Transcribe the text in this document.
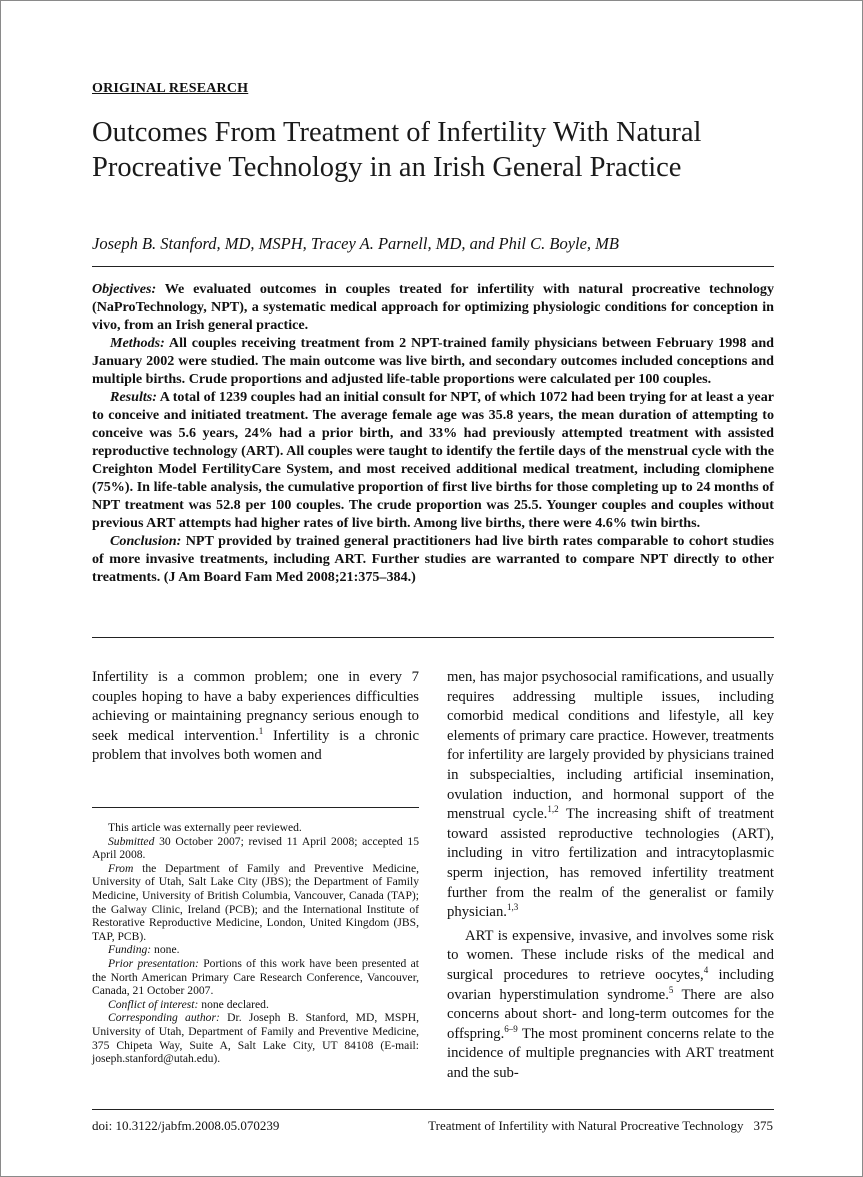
ORIGINAL RESEARCH
Outcomes From Treatment of Infertility With Natural Procreative Technology in an Irish General Practice
Joseph B. Stanford, MD, MSPH, Tracey A. Parnell, MD, and Phil C. Boyle, MB

Objectives: We evaluated outcomes in couples treated for infertility with natural procreative technology (NaProTechnology, NPT), a systematic medical approach for optimizing physiologic conditions for conception in vivo, from an Irish general practice.

Methods: All couples receiving treatment from 2 NPT-trained family physicians between February 1998 and January 2002 were studied. The main outcome was live birth, and secondary outcomes included conceptions and multiple births. Crude proportions and adjusted life-table proportions were calculated per 100 couples.

Results: A total of 1239 couples had an initial consult for NPT, of which 1072 had been trying for at least a year to conceive and initiated treatment. The average female age was 35.8 years, the mean duration of attempting to conceive was 5.6 years, 24% had a prior birth, and 33% had previously attempted treatment with assisted reproductive technology (ART). All couples were taught to identify the fertile days of the menstrual cycle with the Creighton Model FertilityCare System, and most received additional medical treatment, including clomiphene (75%). In life-table analysis, the cumulative proportion of first live births for those completing up to 24 months of NPT treatment was 52.8 per 100 couples. The crude proportion was 25.5. Younger couples and couples without previous ART attempts had higher rates of live birth. Among live births, there were 4.6% twin births.

Conclusion: NPT provided by trained general practitioners had live birth rates comparable to cohort studies of more invasive treatments, including ART. Further studies are warranted to compare NPT directly to other treatments. (J Am Board Fam Med 2008;21:375–384.)

Infertility is a common problem; one in every 7 couples hoping to have a baby experiences difficulties achieving or maintaining pregnancy serious enough to seek medical intervention.$^1$ Infertility is a chronic problem that involves both women and

This article was externally peer reviewed.

Submitted 30 October 2007; revised 11 April 2008; accepted 15 April 2008.

From the Department of Family and Preventive Medicine, University of Utah, Salt Lake City (JBS); the Department of Family Medicine, University of British Columbia, Vancouver, Canada (TAP); the Galway Clinic, Ireland (PCB); and the International Institute of Restorative Reproductive Medicine, London, United Kingdom (JBS, TAP, PCB).

Funding: none.

Prior presentation: Portions of this work have been presented at the North American Primary Care Research Conference, Vancouver, Canada, 21 October 2007.

Conflict of interest: none declared.

Corresponding author: Dr. Joseph B. Stanford, MD, MSPH, University of Utah, Department of Family and Preventive Medicine, 375 Chipeta Way, Suite A, Salt Lake City, UT 84108 (E-mail: joseph.stanford@utah.edu).

men, has major psychosocial ramifications, and usually requires addressing multiple issues, including comorbid medical conditions and lifestyle, all key elements of primary care practice. However, treatments for infertility are largely provided by physicians trained in subspecialties, including artificial insemination, ovulation induction, and hormonal support of the menstrual cycle.$^{1,2}$ The increasing shift of treatment toward assisted reproductive technologies (ART), including in vitro fertilization and intracytoplasmic sperm injection, has removed infertility treatment further from the realm of the generalist or family physician.$^{1,3}$

ART is expensive, invasive, and involves some risk to women. These include risks of the medical and surgical procedures to retrieve oocytes,$^4$ including ovarian hyperstimulation syndrome.$^5$ There are also concerns about short- and long-term outcomes for the offspring.$^{6-9}$ The most prominent concerns relate to the incidence of multiple pregnancies with ART treatment and the sub-

doi: 10.3122/jabfm.2008.05.070239	Treatment of Infertility with Natural Procreative Technology 375
